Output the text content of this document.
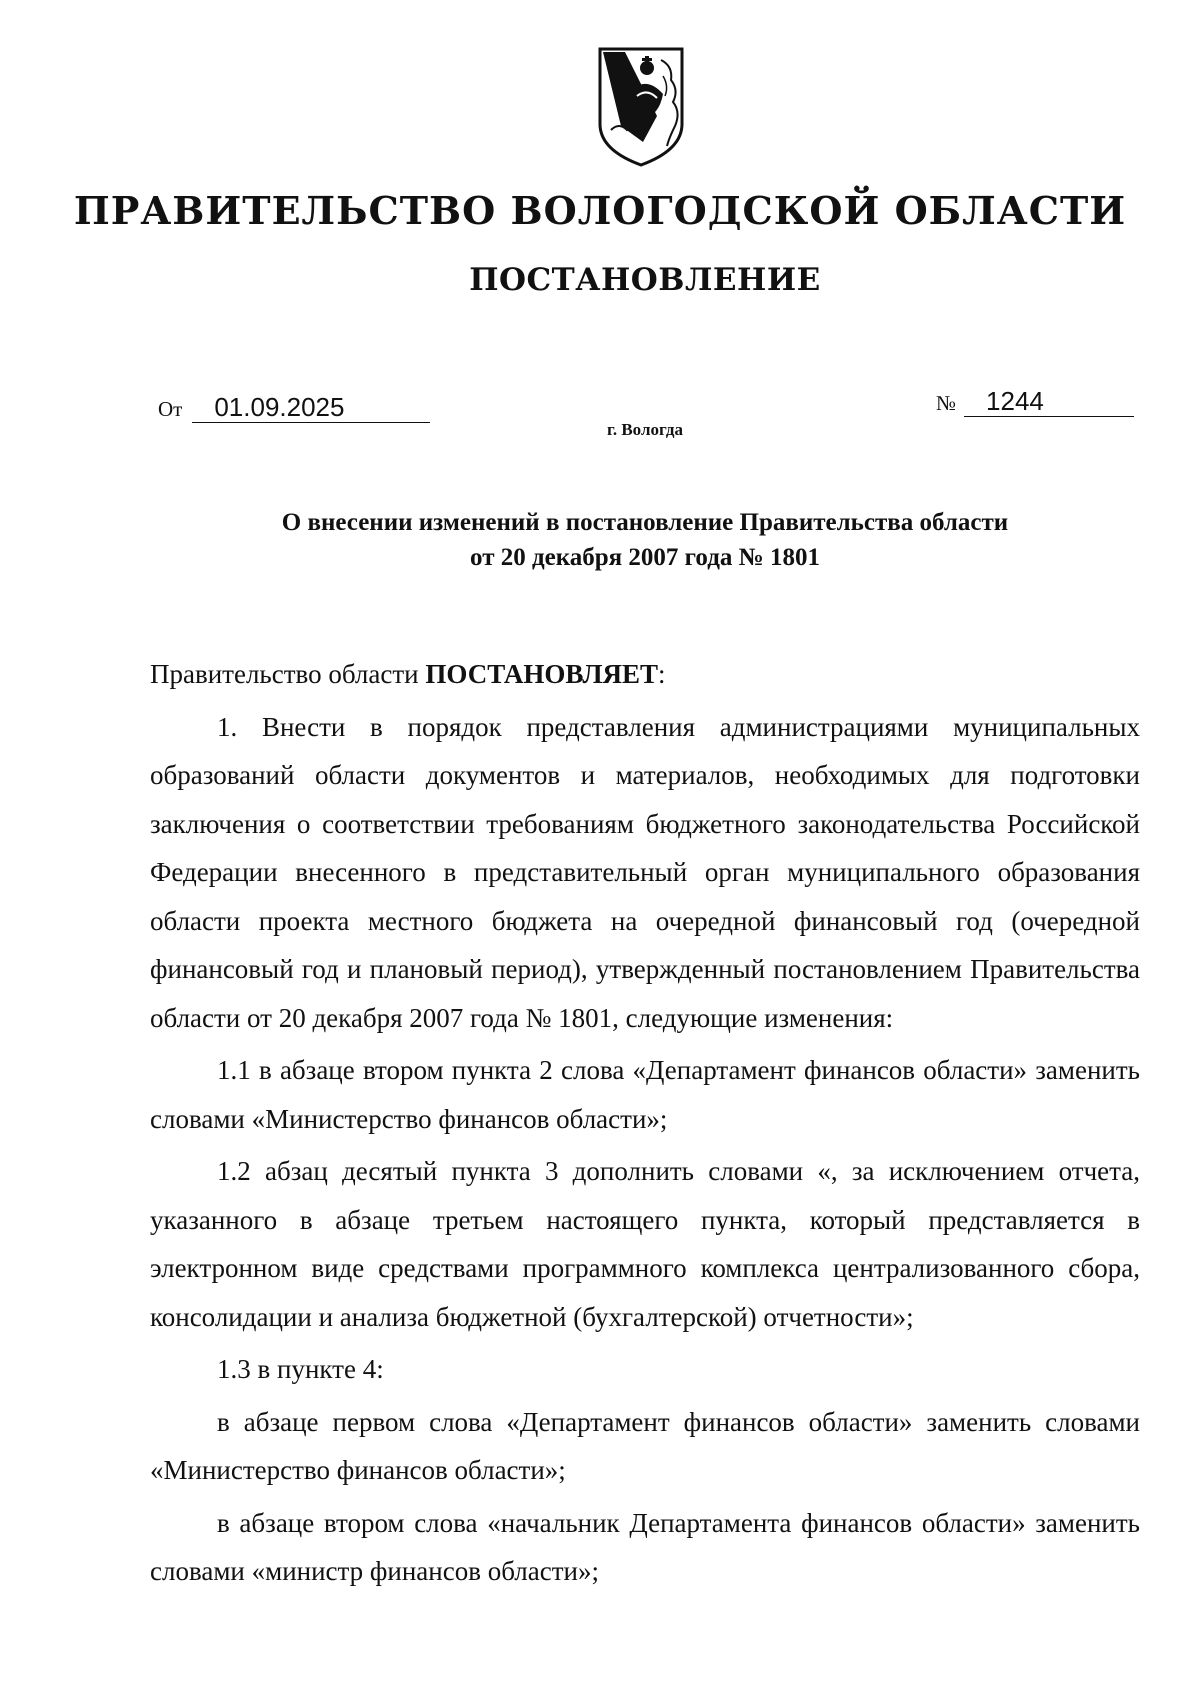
ПРАВИТЕЛЬСТВО ВОЛОГОДСКОЙ ОБЛАСТИ
ПОСТАНОВЛЕНИЕ
От	01.09.2025	№	1244

г. Вологда

О внесении изменений в постановление Правительства области
от 20 декабря 2007 года № 1801

Правительство области ПОСТАНОВЛЯЕТ:

1. Внести в порядок представления администрациями муниципальных образований области документов и материалов, необходимых для подготовки заключения о соответствии требованиям бюджетного законодательства Российской Федерации внесенного в представительный орган муниципального образования области проекта местного бюджета на очередной финансовый год (очередной финансовый год и плановый период), утвержденный постановлением Правительства области от 20 декабря 2007 года № 1801, следующие изменения:

1.1 в абзаце втором пункта 2 слова «Департамент финансов области» заменить словами «Министерство финансов области»;

1.2 абзац десятый пункта 3 дополнить словами «, за исключением отчета, указанного в абзаце третьем настоящего пункта, который представляется в электронном виде средствами программного комплекса централизованного сбора, консолидации и анализа бюджетной (бухгалтерской) отчетности»;

1.3 в пункте 4:

в абзаце первом слова «Департамент финансов области» заменить словами «Министерство финансов области»;

в абзаце втором слова «начальник Департамента финансов области» заменить словами «министр финансов области»;
